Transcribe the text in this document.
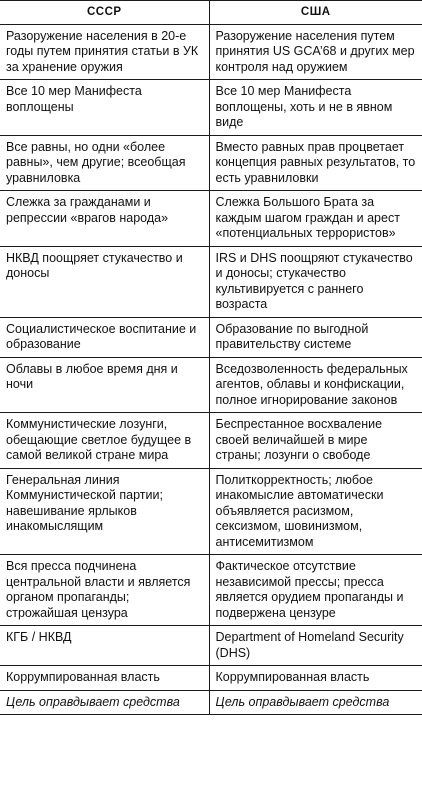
СССР	США
Разоружение населения в 20-е годы путем принятия статьи в УК за хранение оружия	Разоружение населения путем принятия US GCA’68 и других мер контроля над оружием
Все 10 мер Манифеста воплощены	Все 10 мер Манифеста воплощены, хоть и не в явном виде
Все равны, но одни «более равны», чем другие; всеобщая уравниловка	Вместо равных прав процветает концепция равных результатов, то есть уравниловки
Слежка за гражданами и репрессии «врагов народа»	Слежка Большого Брата за каждым шагом граждан и арест «потенциальных террористов»
НКВД поощряет стукачество и доносы	IRS и DHS поощряют стукачество и доносы; стукачество культивируется с раннего возраста
Социалистическое воспитание и образование	Образование по выгодной правительству системе
Облавы в любое время дня и ночи	Вседозволенность федеральных агентов, облавы и конфискации, полное игнорирование законов
Коммунистические лозунги, обещающие светлое будущее в самой великой стране мира	Беспрестанное восхваление своей величайшей в мире страны; лозунги о свободе
Генеральная линия Коммунистической партии; навешивание ярлыков инакомыслящим	Политкорректность; любое инакомыслие автоматически объявляется расизмом, сексизмом, шовинизмом, антисемитизмом
Вся пресса подчинена центральной власти и является органом пропаганды; строжайшая цензура	Фактическое отсутствие независимой прессы; пресса является орудием пропаганды и подвержена цензуре
КГБ / НКВД	Department of Homeland Security (DHS)
Коррумпированная власть	Коррумпированная власть
Цель оправдывает средства	Цель оправдывает средства
